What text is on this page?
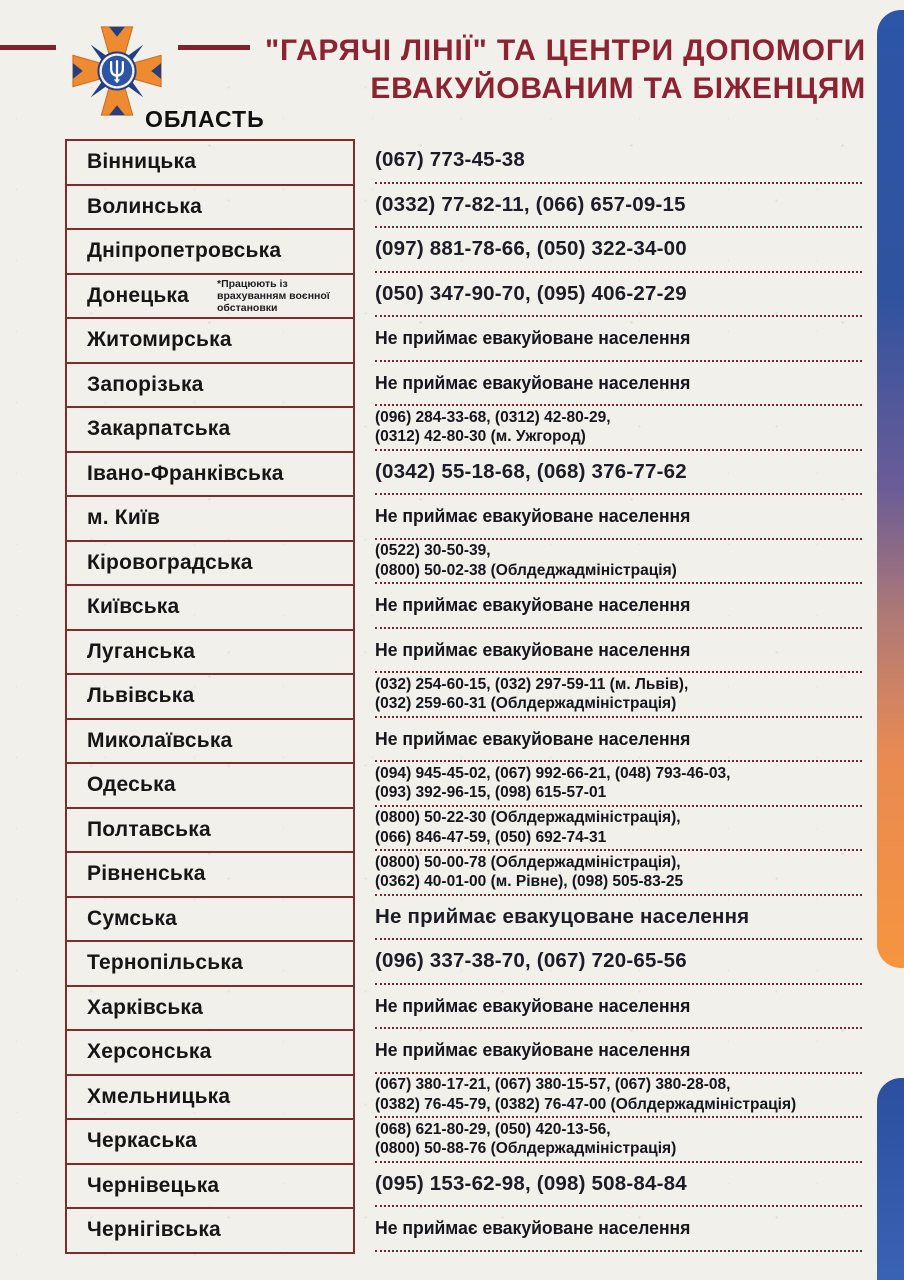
"ГАРЯЧІ ЛІНІЇ" ТА ЦЕНТРИ ДОПОМОГИ
ЕВАКУЙОВАНИМ ТА БІЖЕНЦЯМ
ОБЛАСТЬ
Вінницька
Волинська
Дніпропетровська
Донецька	*Працюють із
врахуванням воєнної
обстановки
Житомирська
Запорізька
Закарпатська
Івано-Франківська
м. Київ
Кіровоградська
Київська
Луганська
Львівська
Миколаївська
Одеська
Полтавська
Рівненська
Сумська
Тернопільська
Харківська
Херсонська
Хмельницька
Черкаська
Чернівецька
Чернігівська
(067) 773-45-38
(0332) 77-82-11, (066) 657-09-15
(097) 881-78-66, (050) 322-34-00
(050) 347-90-70, (095) 406-27-29
Не приймає евакуйоване населення
Не приймає евакуйоване населення
(096) 284-33-68, (0312) 42-80-29,
(0312) 42-80-30 (м. Ужгород)
(0342) 55-18-68, (068) 376-77-62
Не приймає евакуйоване населення
(0522) 30-50-39,
(0800) 50-02-38 (Облдеджадміністрація)
Не приймає евакуйоване населення
Не приймає евакуйоване населення
(032) 254-60-15, (032) 297-59-11 (м. Львів),
(032) 259-60-31 (Облдержадміністрація)
Не приймає евакуйоване населення
(094) 945-45-02, (067) 992-66-21, (048) 793-46-03,
(093) 392-96-15, (098) 615-57-01
(0800) 50-22-30 (Облдержадміністрація),
(066) 846-47-59, (050) 692-74-31
(0800) 50-00-78 (Облдержадміністрація),
(0362) 40-01-00 (м. Рівне), (098) 505-83-25
Не приймає евакуцоване населення
(096) 337-38-70, (067) 720-65-56
Не приймає евакуйоване населення
Не приймає евакуйоване населення
(067) 380-17-21, (067) 380-15-57, (067) 380-28-08,
(0382) 76-45-79, (0382) 76-47-00 (Облдержадміністрація)
(068) 621-80-29, (050) 420-13-56,
(0800) 50-88-76 (Облдержадміністрація)
(095) 153-62-98, (098) 508-84-84
Не приймає евакуйоване населення
